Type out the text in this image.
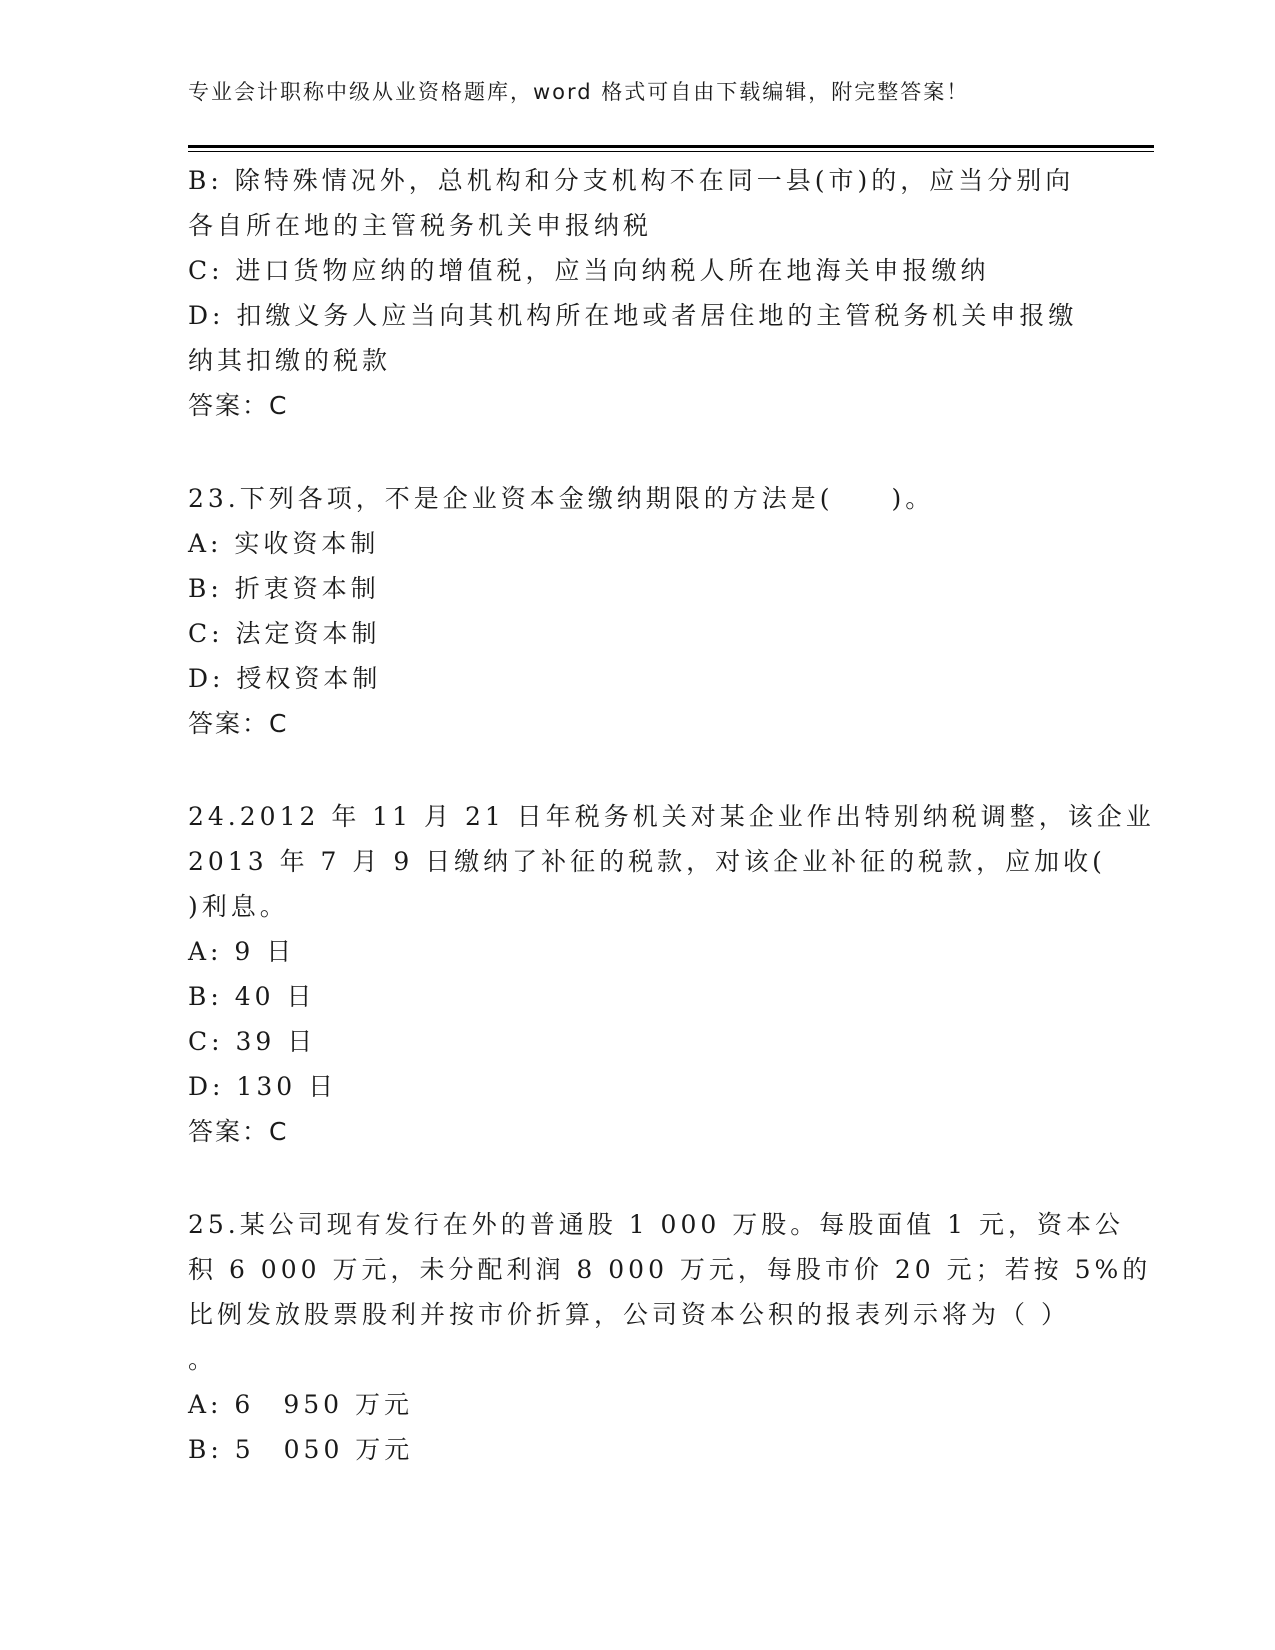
专业会计职称中级从业资格题库，word 格式可自由下载编辑，附完整答案！
B: 除特殊情况外，总机构和分支机构不在同一县(市)的，应当分别向
各自所在地的主管税务机关申报纳税
C: 进口货物应纳的增值税，应当向纳税人所在地海关申报缴纳
D: 扣缴义务人应当向其机构所在地或者居住地的主管税务机关申报缴
纳其扣缴的税款
答案：C
23.下列各项，不是企业资本金缴纳期限的方法是(　　)。
A: 实收资本制
B: 折衷资本制
C: 法定资本制
D: 授权资本制
答案：C
24.2012 年 11 月 21 日年税务机关对某企业作出特别纳税调整，该企业
2013 年 7 月 9 日缴纳了补征的税款，对该企业补征的税款，应加收(
)利息。
A: 9 日
B: 40 日
C: 39 日
D: 130 日
答案：C
25.某公司现有发行在外的普通股 1 000 万股。每股面值 1 元，资本公
积 6 000 万元，未分配利润 8 000 万元，每股市价 20 元；若按 5%的
比例发放股票股利并按市价折算，公司资本公积的报表列示将为（ ）
。
A: 6　950 万元
B: 5　050 万元
